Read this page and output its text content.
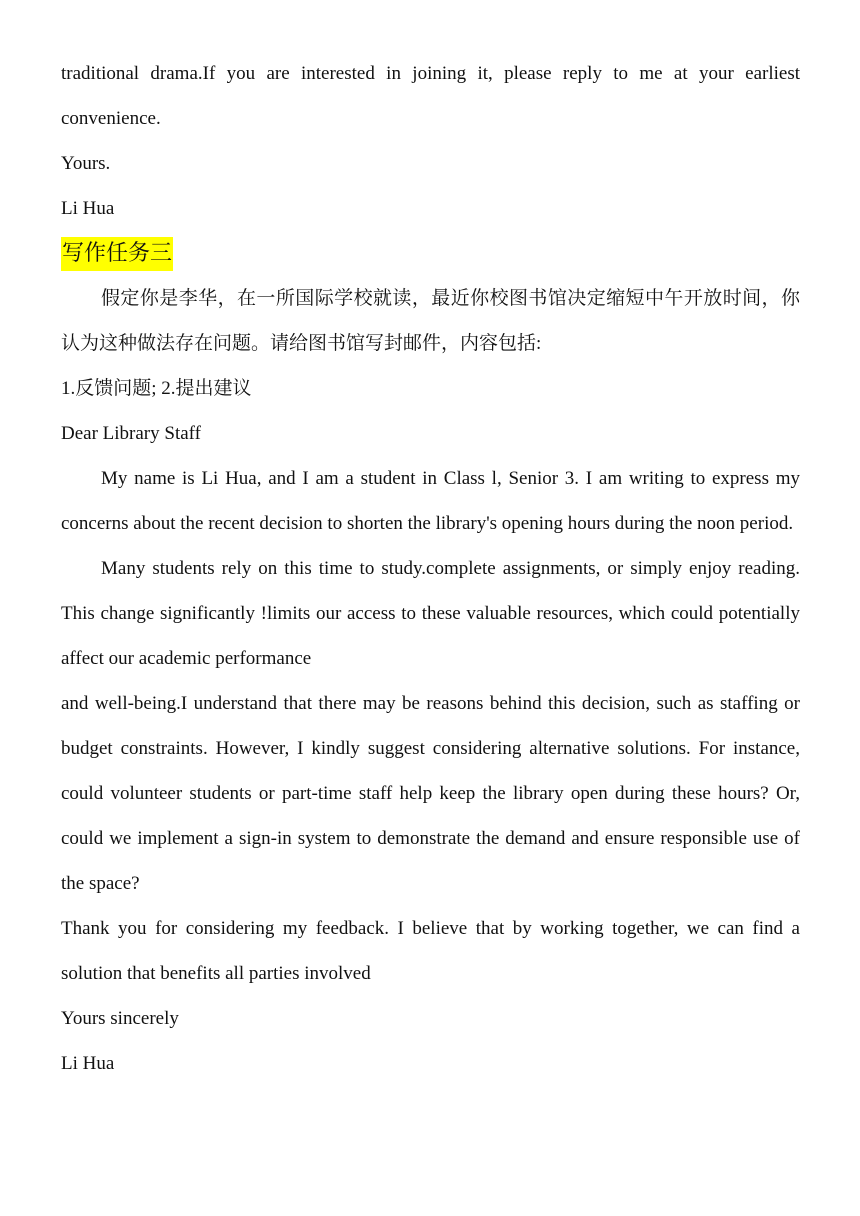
traditional drama.If you are interested in joining it, please reply to me at your earliest convenience.

Yours.

Li Hua

写作任务三

假定你是李华，在一所国际学校就读，最近你校图书馆决定缩短中午开放时间，你认为这种做法存在问题。请给图书馆写封邮件，内容包括:

1.反馈问题; 2.提出建议

Dear Library Staff

My name is Li Hua, and I am a student in Class l, Senior 3. I am writing to express my concerns about the recent decision to shorten the library's opening hours during the noon period.

Many students rely on this time to study.complete assignments, or simply enjoy reading. This change significantly !limits our access to these valuable resources, which could potentially affect our academic performance

and well-being.I understand that there may be reasons behind this decision, such as staffing or budget constraints. However, I kindly suggest considering alternative solutions. For instance, could volunteer students or part-time staff help keep the library open during these hours? Or, could we implement a sign-in system to demonstrate the demand and ensure responsible use of the space?

Thank you for considering my feedback. I believe that by working together, we can find a solution that benefits all parties involved

Yours sincerely

Li Hua
